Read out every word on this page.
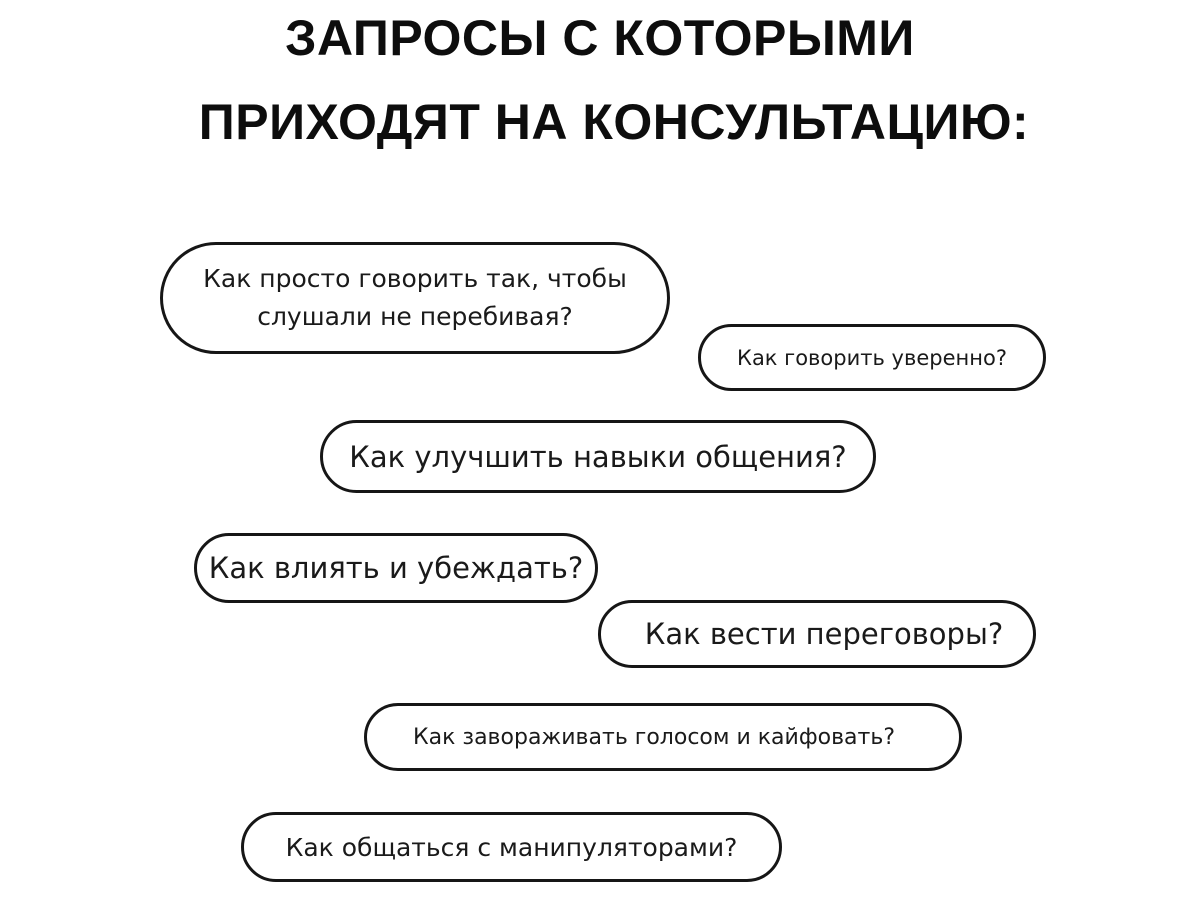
ЗАПРОСЫ С КОТОРЫМИ
ПРИХОДЯТ НА КОНСУЛЬТАЦИЮ:
Как просто говорить так, чтобы слушали не перебивая?
Как говорить уверенно?
Как улучшить навыки общения?
Как влиять и убеждать?
Как вести переговоры?
Как завораживать голосом и кайфовать?
Как общаться с манипуляторами?
